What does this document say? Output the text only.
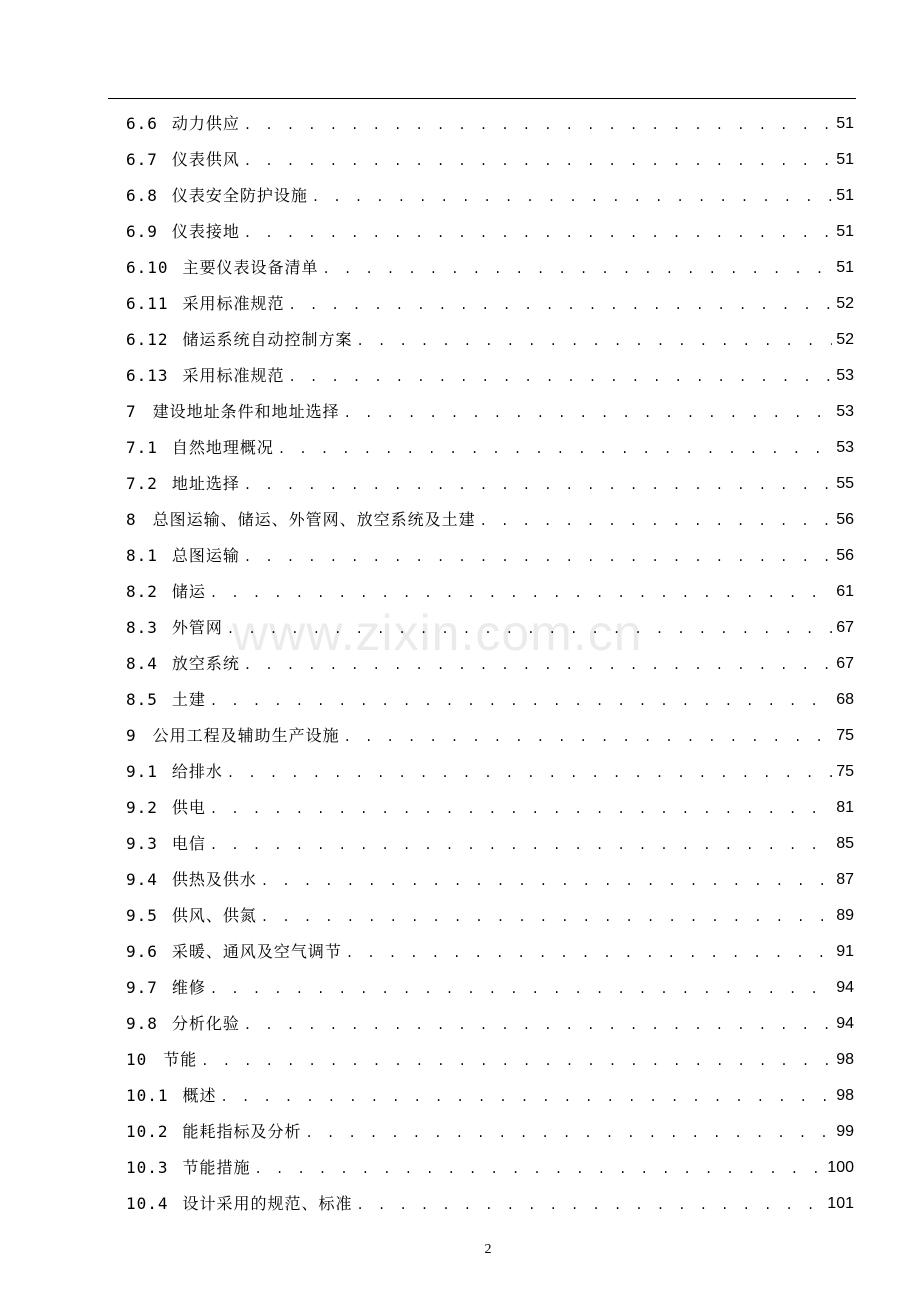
6.6 动力供应 . . .	51
6.7 仪表供风 . . .	51
6.8 仪表安全防护设施 . . .	51
6.9 仪表接地 . . .	51
6.10 主要仪表设备清单 . . .	51
6.11 采用标准规范 . . .	52
6.12 储运系统自动控制方案 . . .	52
6.13 采用标准规范 . . .	53
7 建设地址条件和地址选择 . . .	53
7.1 自然地理概况 . . .	53
7.2 地址选择 . . .	55
8 总图运输、储运、外管网、放空系统及土建 . . .	56
8.1 总图运输 . . .	56
8.2 储运 . . .	61
8.3 外管网 . . .	67
8.4 放空系统 . . .	67
8.5 土建 . . .	68
9 公用工程及辅助生产设施 . . .	75
9.1 给排水 . . .	75
9.2 供电 . . .	81
9.3 电信 . . .	85
9.4 供热及供水 . . .	87
9.5 供风、供氮 . . .	89
9.6 采暖、通风及空气调节 . . .	91
9.7 维修 . . .	94
9.8 分析化验 . . .	94
10 节能 . . .	98
10.1 概述 . . .	98
10.2 能耗指标及分析 . . .	99
10.3 节能措施 . . .	100
10.4 设计采用的规范、标准 . . .	101
www.zixin.com.cn
2
